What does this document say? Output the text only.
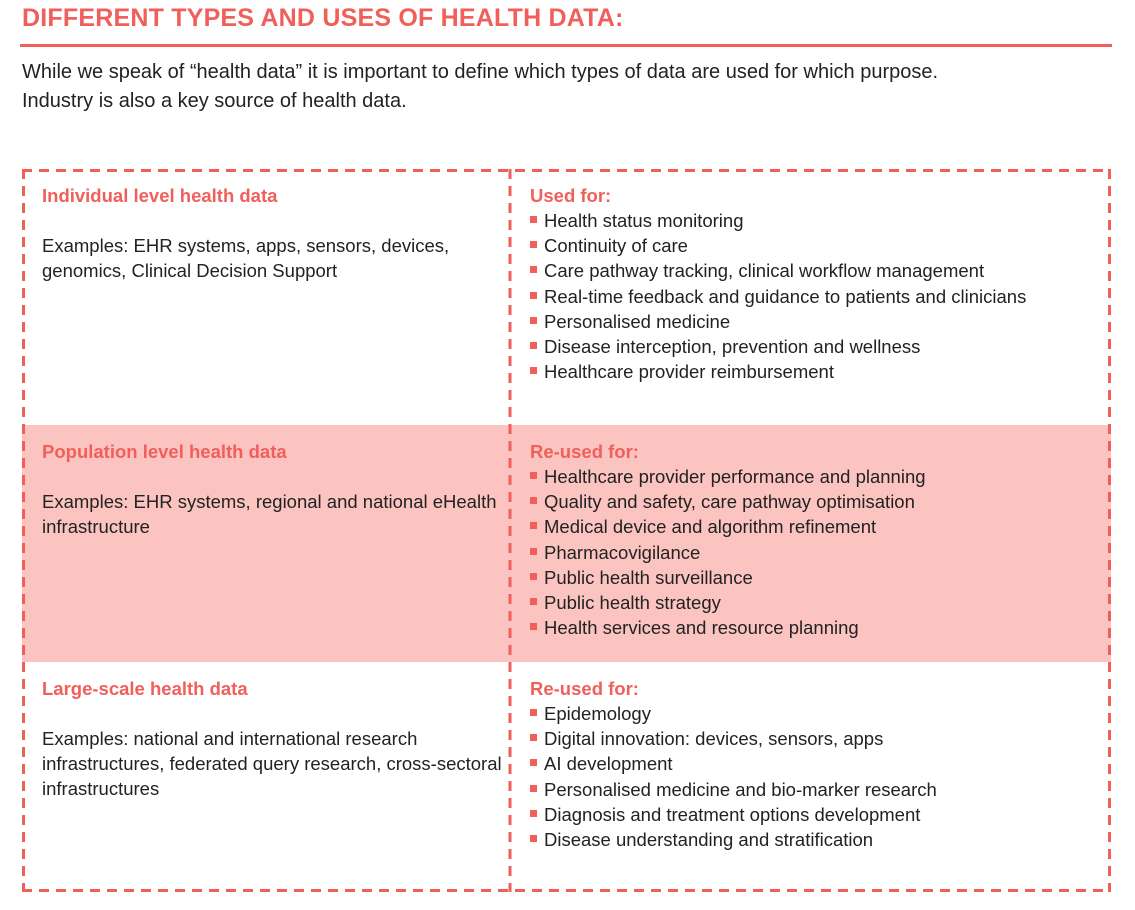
DIFFERENT TYPES AND USES OF HEALTH DATA:

While we speak of “health data” it is important to define which types of data are used for which purpose.

Industry is also a key source of health data.

Individual level health data
Examples: EHR systems, apps, sensors, devices, genomics, Clinical Decision Support
Used for:
Health status monitoring
Continuity of care
Care pathway tracking, clinical workflow management
Real-time feedback and guidance to patients and clinicians
Personalised medicine
Disease interception, prevention and wellness
Healthcare provider reimbursement
Population level health data
Examples: EHR systems, regional and national eHealth infrastructure
Re-used for:
Healthcare provider performance and planning
Quality and safety, care pathway optimisation
Medical device and algorithm refinement
Pharmacovigilance
Public health surveillance
Public health strategy
Health services and resource planning
Large-scale health data
Examples: national and international research infrastructures, federated query research, cross-sectoral infrastructures
Re-used for:
Epidemology
Digital innovation: devices, sensors, apps
AI development
Personalised medicine and bio-marker research
Diagnosis and treatment options development
Disease understanding and stratification
